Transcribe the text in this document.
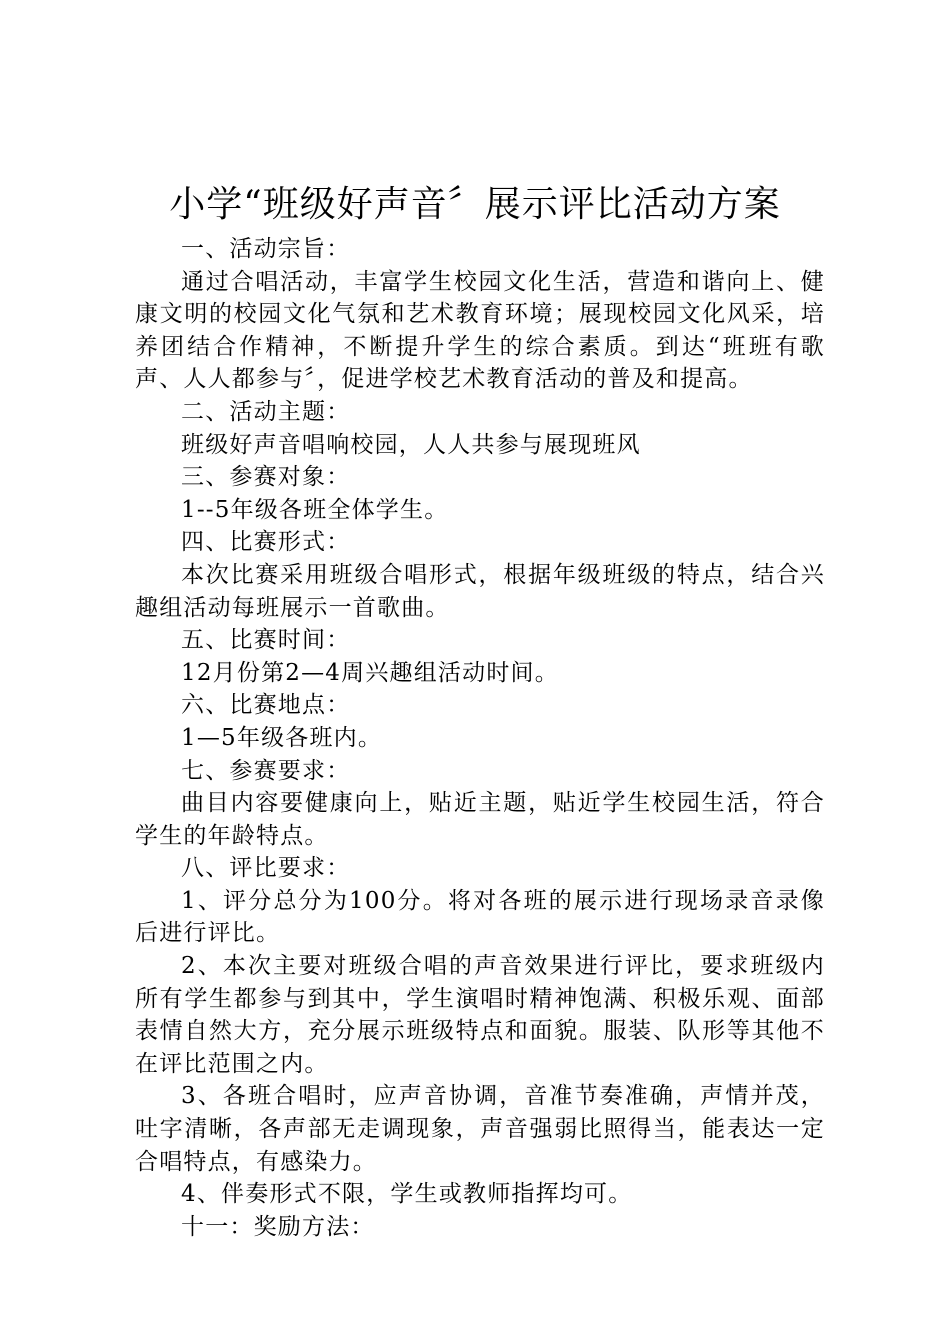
小学“班级好声音〞展示评比活动方案

一、活动宗旨：

通过合唱活动，丰富学生校园文化生活，营造和谐向上、健康文明的校园文化气氛和艺术教育环境；展现校园文化风采，培养团结合作精神，不断提升学生的综合素质。到达“班班有歌声、人人都参与〞，促进学校艺术教育活动的普及和提高。

二、活动主题：

班级好声音唱响校园，人人共参与展现班风

三、参赛对象：

1--5年级各班全体学生。

四、比赛形式：

本次比赛采用班级合唱形式，根据年级班级的特点，结合兴趣组活动每班展示一首歌曲。

五、比赛时间：

12月份第2—4周兴趣组活动时间。

六、比赛地点：

1—5年级各班内。

七、参赛要求：

曲目内容要健康向上，贴近主题，贴近学生校园生活，符合学生的年龄特点。

八、评比要求：

1、评分总分为100分。将对各班的展示进行现场录音录像后进行评比。

2、本次主要对班级合唱的声音效果进行评比，要求班级内所有学生都参与到其中，学生演唱时精神饱满、积极乐观、面部表情自然大方，充分展示班级特点和面貌。服装、队形等其他不在评比范围之内。

3、各班合唱时，应声音协调，音准节奏准确，声情并茂，吐字清晰，各声部无走调现象，声音强弱比照得当，能表达一定合唱特点，有感染力。

4、伴奏形式不限，学生或教师指挥均可。

十一：奖励方法：
